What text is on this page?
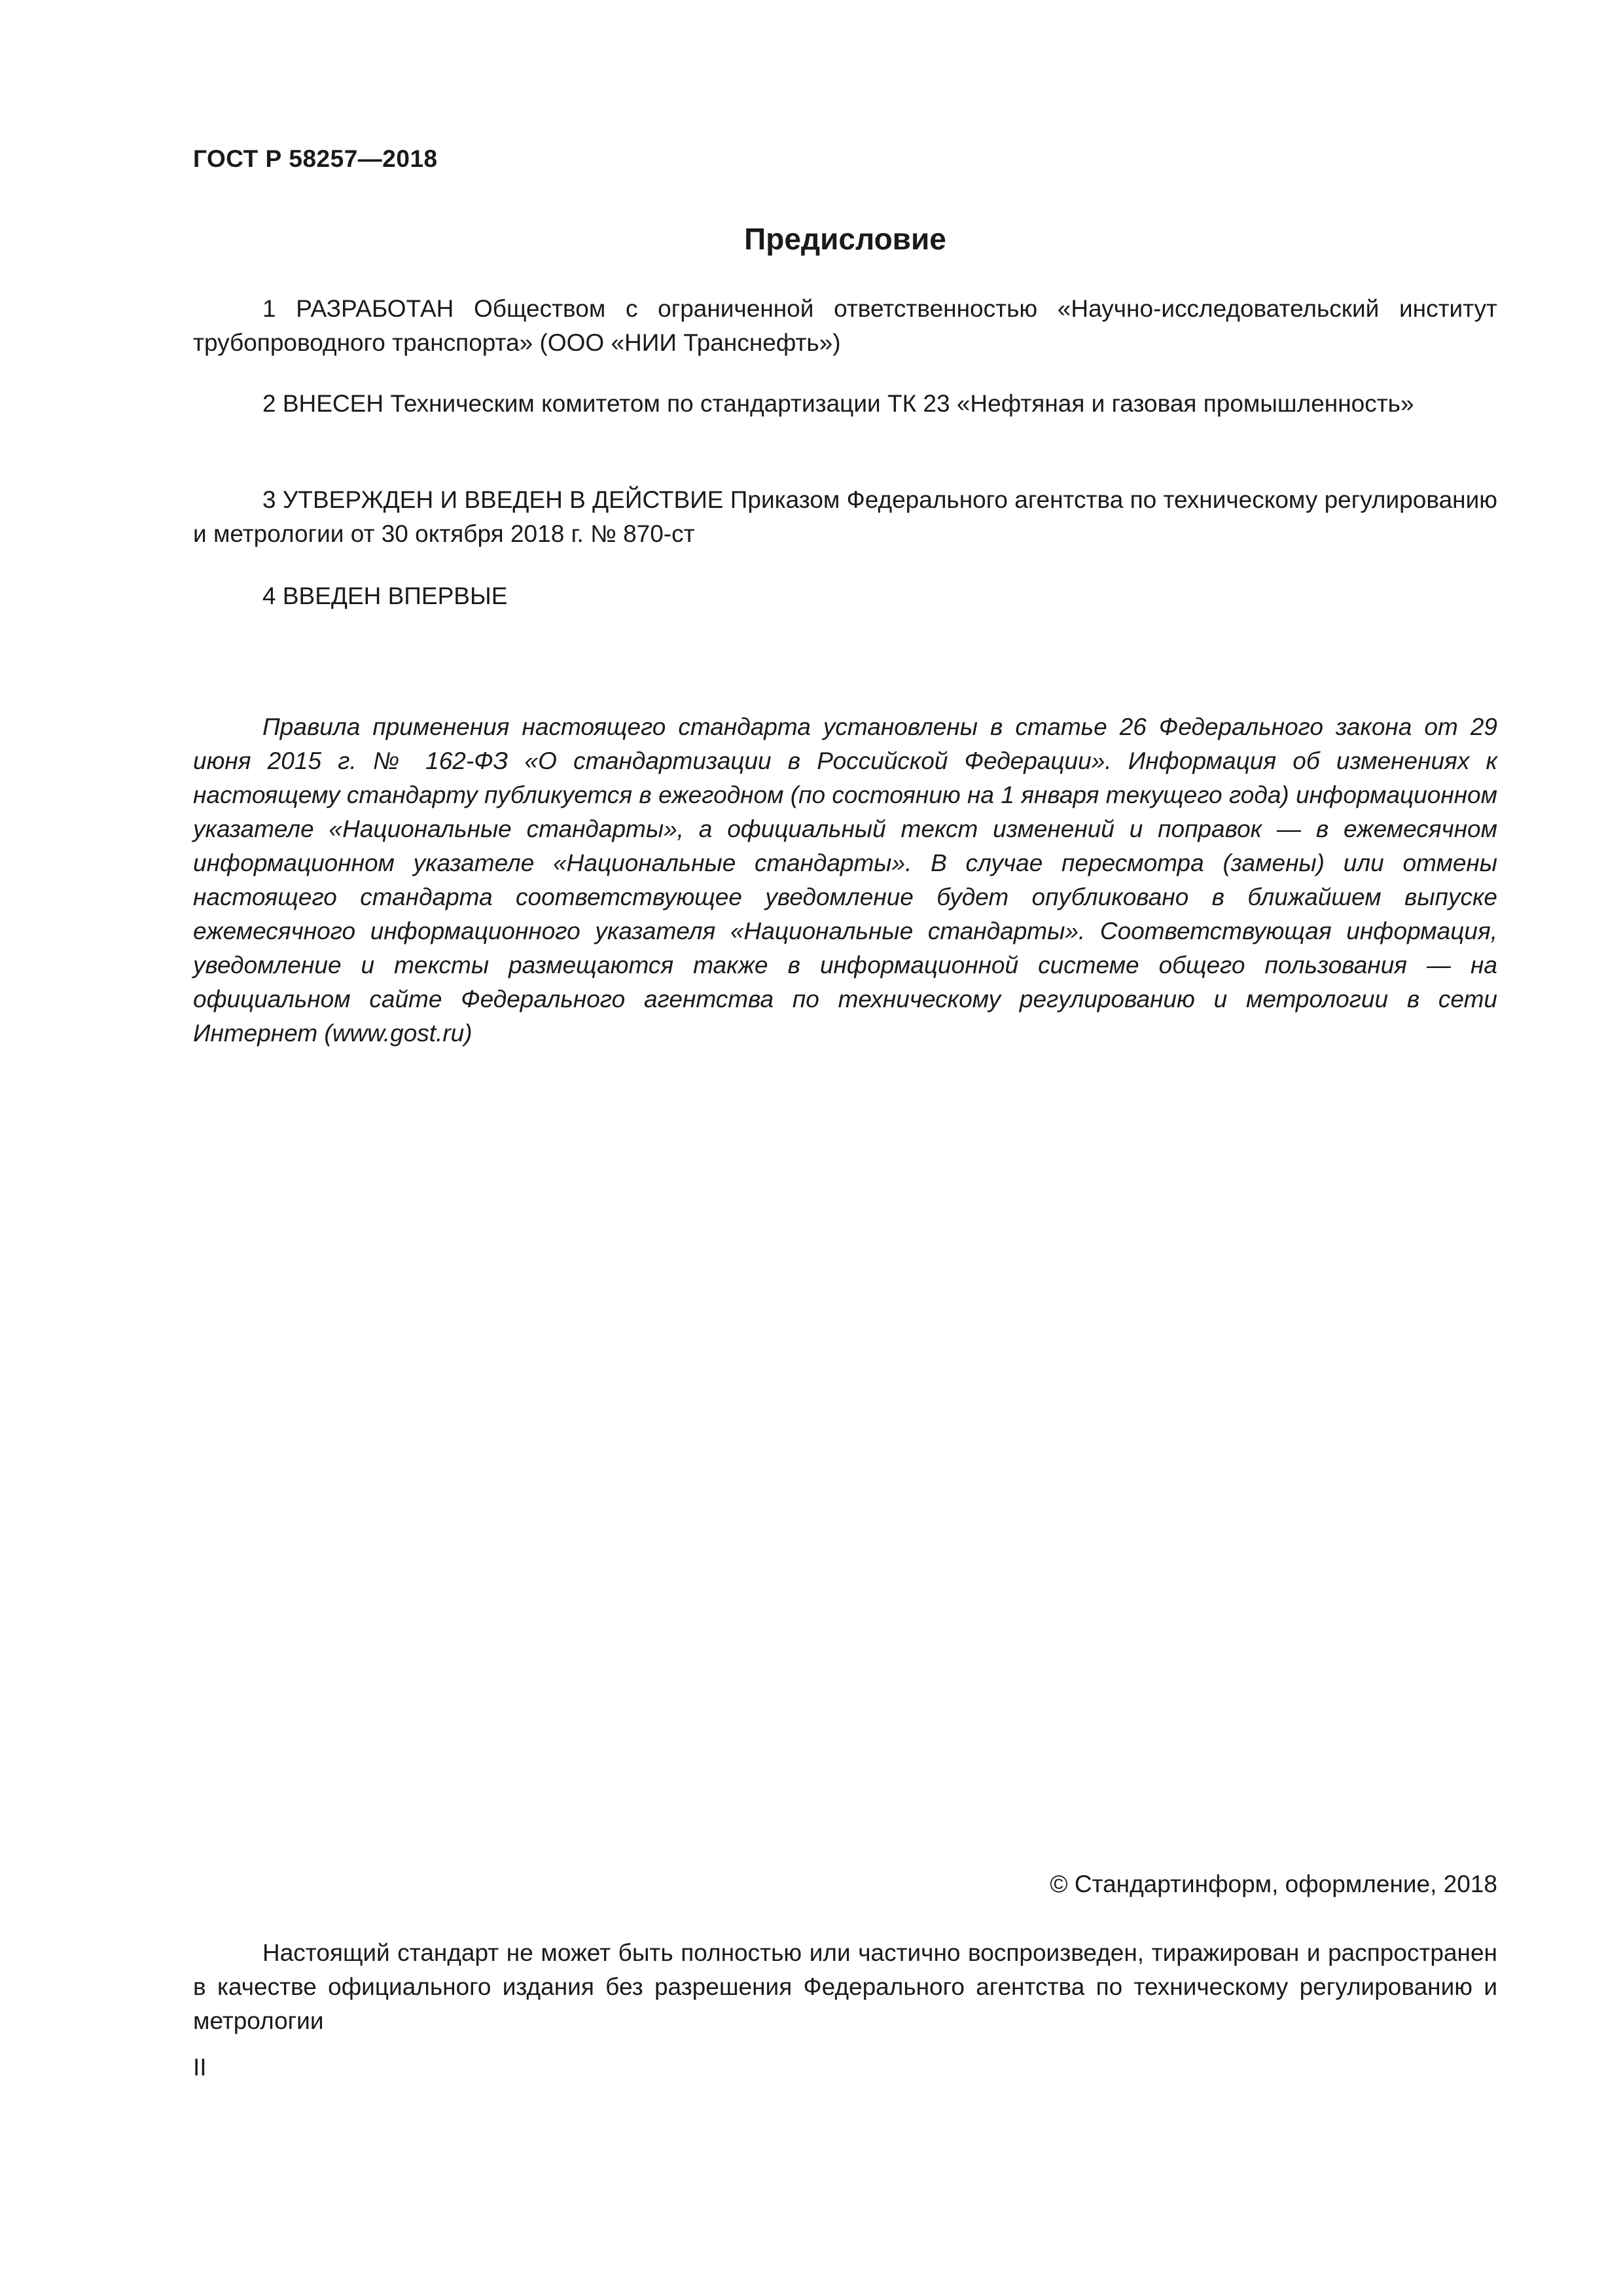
ГОСТ Р 58257—2018
Предисловие
1 РАЗРАБОТАН Обществом с ограниченной ответственностью «Научно-исследовательский институт трубопроводного транспорта» (ООО «НИИ Транснефть»)
2 ВНЕСЕН Техническим комитетом по стандартизации ТК 23 «Нефтяная и газовая промышленность»
3 УТВЕРЖДЕН И ВВЕДЕН В ДЕЙСТВИЕ Приказом Федерального агентства по техническому регулированию и метрологии от 30 октября 2018 г. № 870-ст
4 ВВЕДЕН ВПЕРВЫЕ
Правила применения настоящего стандарта установлены в статье 26 Федерального закона от 29 июня 2015 г. № 162-ФЗ «О стандартизации в Российской Федерации». Информация об изменениях к настоящему стандарту публикуется в ежегодном (по состоянию на 1 января текущего года) информационном указателе «Национальные стандарты», а официальный текст изменений и поправок — в ежемесячном информационном указателе «Национальные стандарты». В случае пересмотра (замены) или отмены настоящего стандарта соответствующее уведомление будет опубликовано в ближайшем выпуске ежемесячного информационного указателя «Национальные стандарты». Соответствующая информация, уведомление и тексты размещаются также в информационной системе общего пользования — на официальном сайте Федерального агентства по техническому регулированию и метрологии в сети Интернет (www.gost.ru)
© Стандартинформ, оформление, 2018
Настоящий стандарт не может быть полностью или частично воспроизведен, тиражирован и распространен в качестве официального издания без разрешения Федерального агентства по техническому регулированию и метрологии
II
